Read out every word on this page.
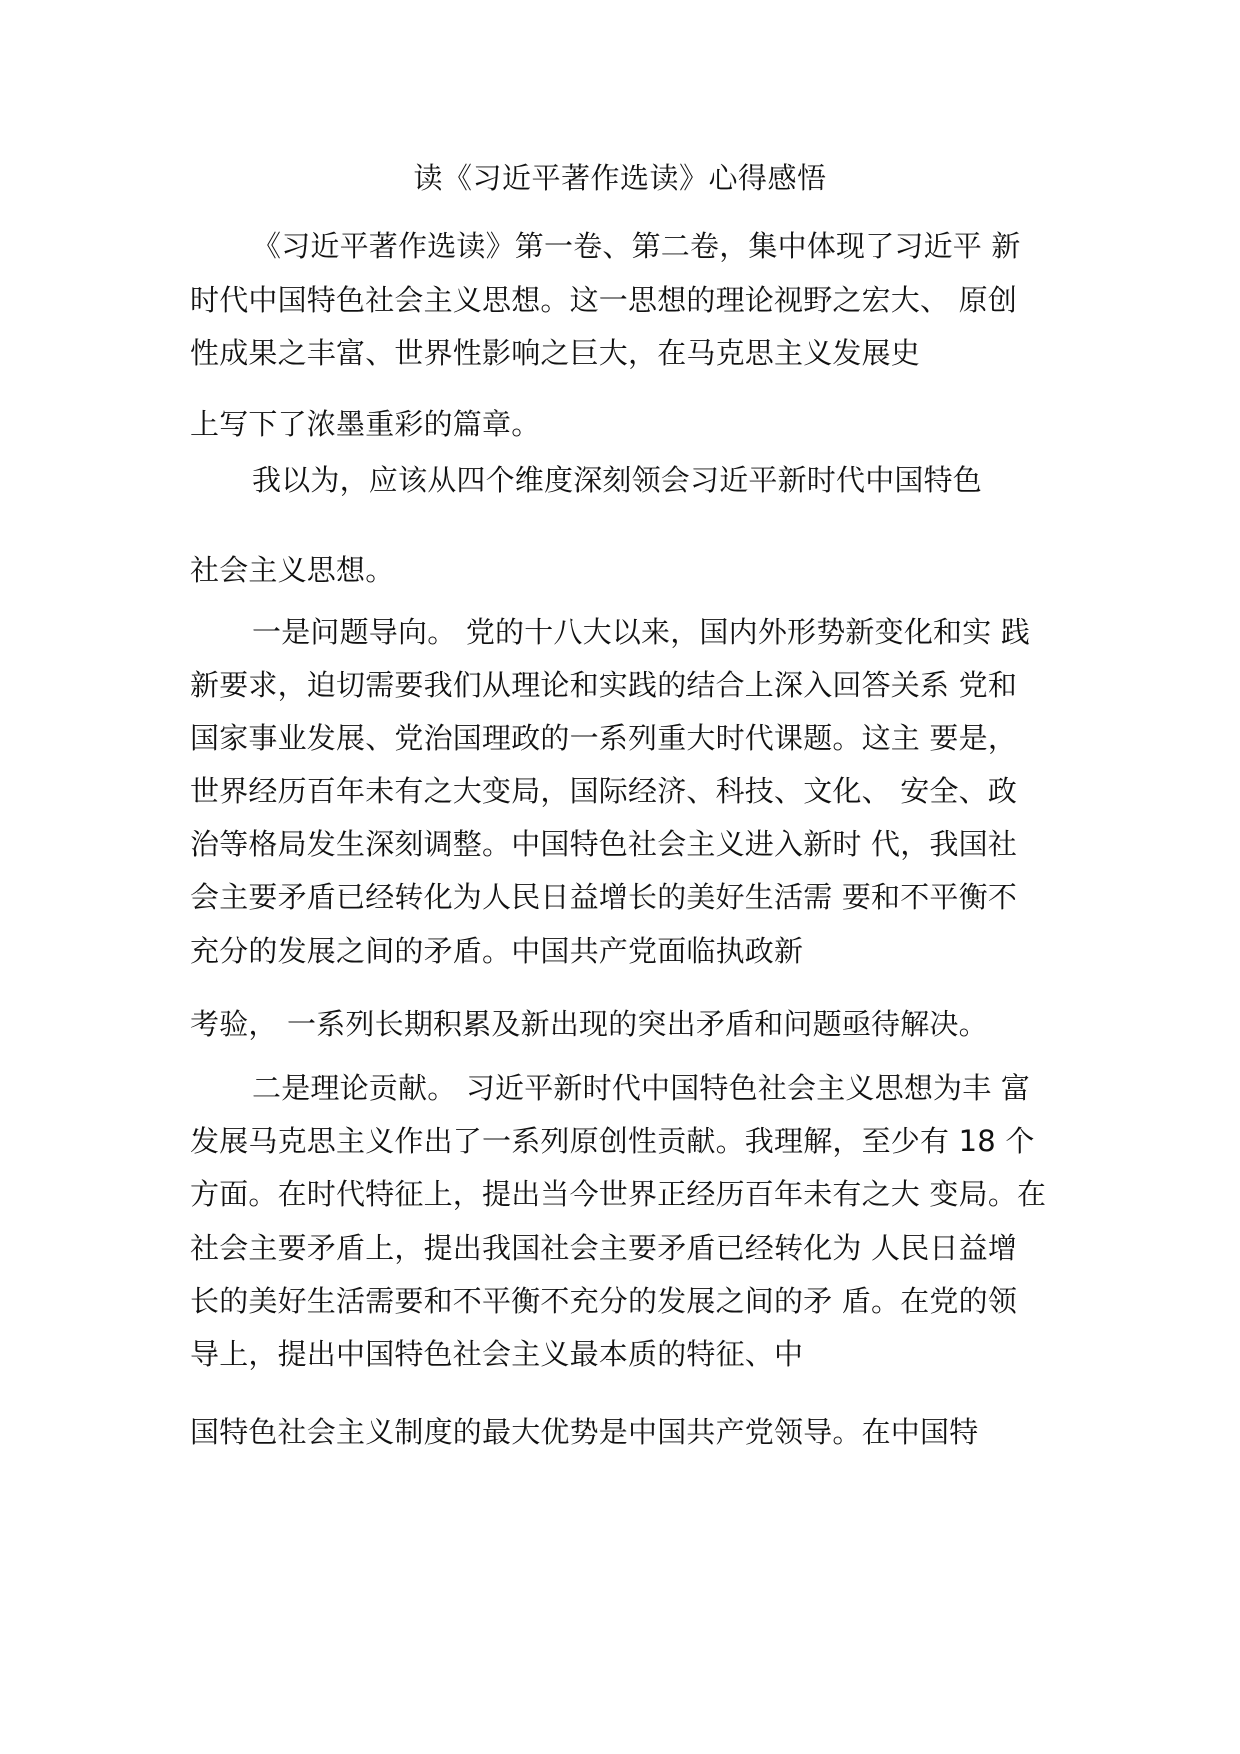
读《习近平著作选读》心得感悟
《习近平著作选读》第一卷、第二卷，集中体现了习近平 新
时代中国特色社会主义思想。这一思想的理论视野之宏大、 原创
性成果之丰富、世界性影响之巨大，在马克思主义发展史
上写下了浓墨重彩的篇章。
我以为，应该从四个维度深刻领会习近平新时代中国特色
社会主义思想。
一是问题导向。 党的十八大以来，国内外形势新变化和实 践
新要求，迫切需要我们从理论和实践的结合上深入回答关系 党和
国家事业发展、党治国理政的一系列重大时代课题。这主 要是，
世界经历百年未有之大变局，国际经济、科技、文化、 安全、政
治等格局发生深刻调整。中国特色社会主义进入新时 代，我国社
会主要矛盾已经转化为人民日益增长的美好生活需 要和不平衡不
充分的发展之间的矛盾。中国共产党面临执政新
考验， 一系列长期积累及新出现的突出矛盾和问题亟待解决。
二是理论贡献。 习近平新时代中国特色社会主义思想为丰 富
发展马克思主义作出了一系列原创性贡献。我理解，至少有 18 个
方面。在时代特征上，提出当今世界正经历百年未有之大 变局。在
社会主要矛盾上，提出我国社会主要矛盾已经转化为 人民日益增
长的美好生活需要和不平衡不充分的发展之间的矛 盾。在党的领
导上，提出中国特色社会主义最本质的特征、中
国特色社会主义制度的最大优势是中国共产党领导。在中国特
